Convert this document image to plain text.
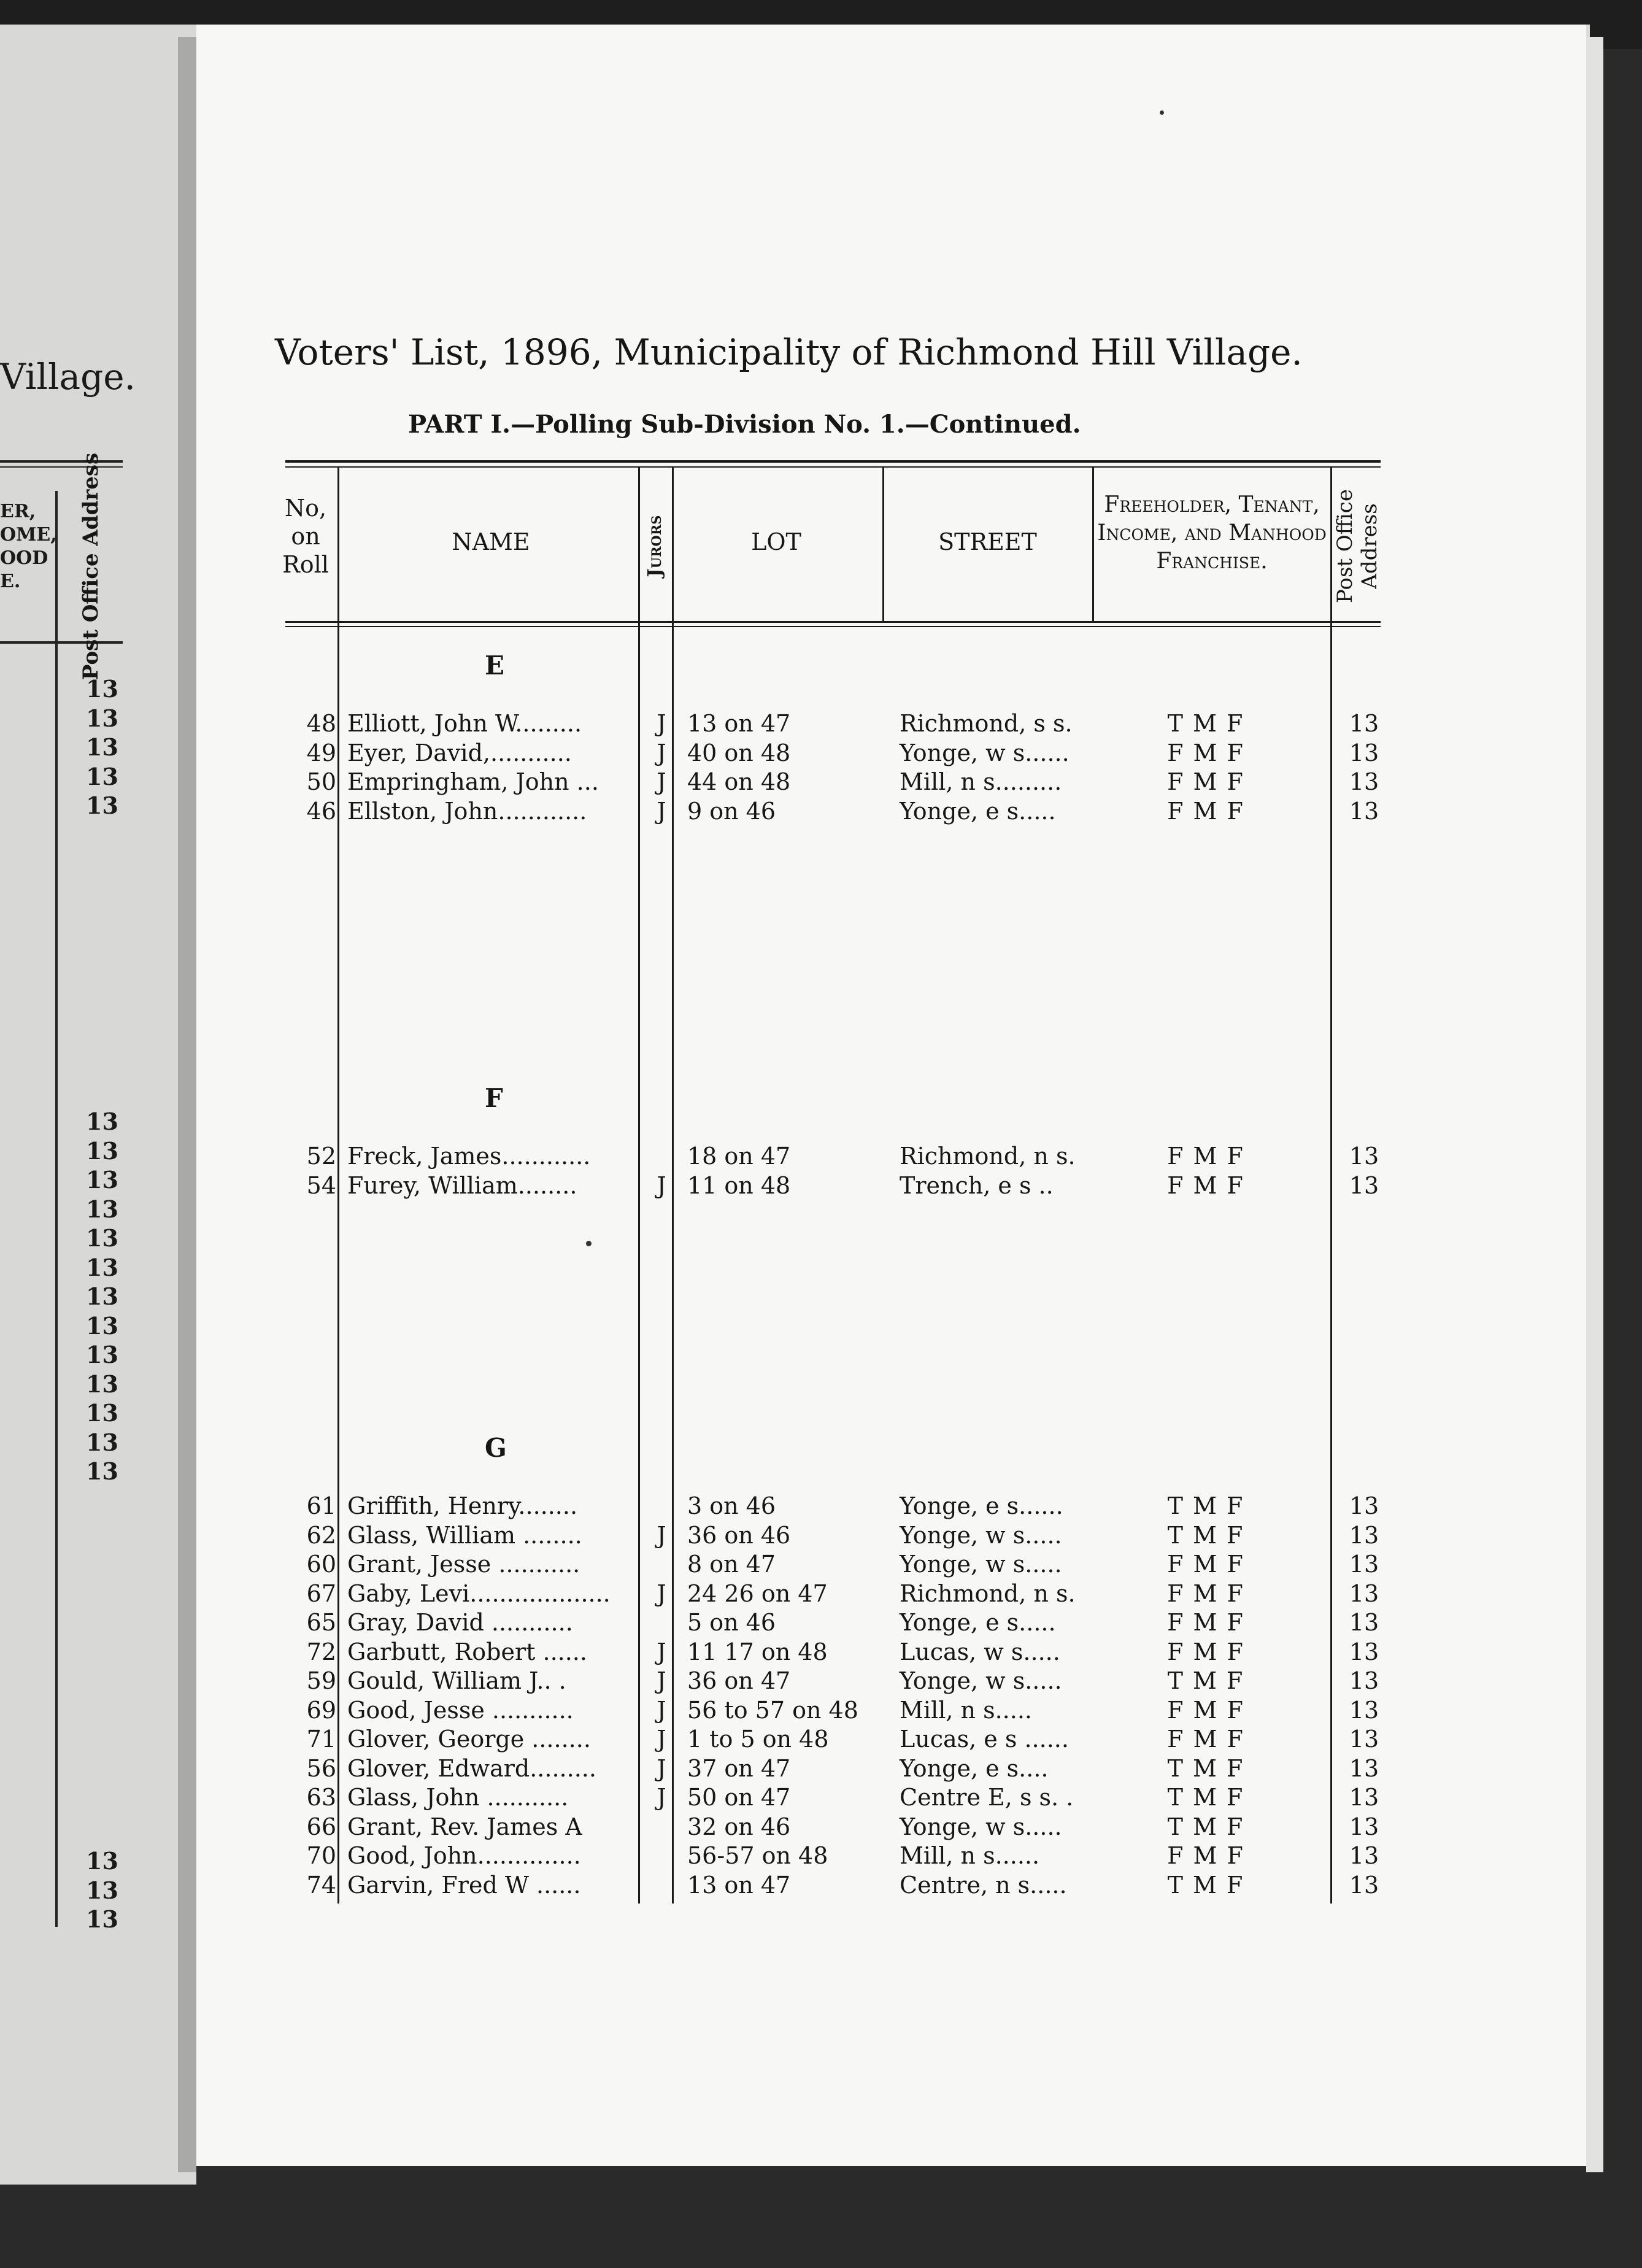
Village.
ER,
OME,
OOD
E.	Post Office Address
13
13
13
13
13
13
13
13
13
13
13
13
13
13
13
13
13
13
13
13
13
Voters' List, 1896, Municipality of Richmond Hill Village.
PART I.—Polling Sub-Division No. 1.—Continued.
No, on Roll
NAME	Jurors	LOT	STREET
Freeholder, Tenant, Income, and Manhood Franchise.	Post Office Address
E
48 Elliott, John W.........	J 13 on 47	Richmond, s s.	T M F	13
49 Eyer, David,...........	J 40 on 48	Yonge, w s......	F M F	13
50 Empringham, John ...	J 44 on 48	Mill, n s.........	F M F	13
46 Ellston, John............	J 9 on 46	Yonge, e s.....	F M F	13
F
52 Freck, James............	18 on 47	Richmond, n s.	F M F	13
54 Furey, William........	J 11 on 48	Trench, e s ..	F M F	13
G
61 Griffith, Henry........	3 on 46	Yonge, e s......	T M F	13
62 Glass, William ........	J 36 on 46	Yonge, w s.....	T M F	13
60 Grant, Jesse ...........	8 on 47	Yonge, w s.....	F M F	13
67 Gaby, Levi...................	J 24 26 on 47	Richmond, n s.	F M F	13
65 Gray, David ...........	5 on 46	Yonge, e s.....	F M F	13
72 Garbutt, Robert ......	J 11 17 on 48	Lucas, w s.....	F M F	13
59 Gould, William J.. .	J 36 on 47	Yonge, w s.....	T M F	13
69 Good, Jesse ...........	J 56 to 57 on 48	Mill, n s.....	F M F	13
71 Glover, George ........	J 1 to 5 on 48	Lucas, e s ......	F M F	13
56 Glover, Edward.........	J 37 on 47	Yonge, e s....	T M F	13
63 Glass, John ...........	J 50 on 47	Centre E, s s. .	T M F	13
66 Grant, Rev. James A	32 on 46	Yonge, w s.....	T M F	13
70 Good, John..............	56-57 on 48	Mill, n s......	F M F	13
74 Garvin, Fred W ......	13 on 47	Centre, n s.....	T M F	13
